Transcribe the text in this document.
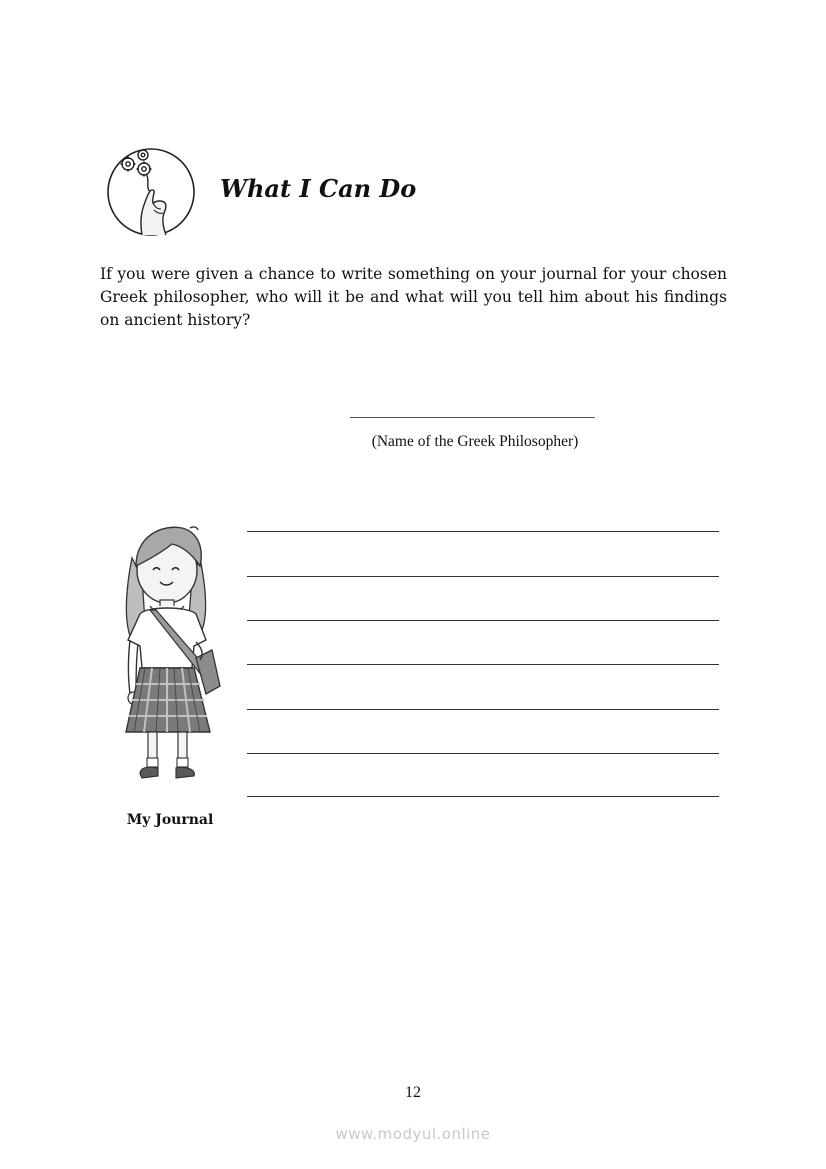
What I Can Do

If you were given a chance to write something on your journal for your chosen Greek philosopher, who will it be and what will you tell him about his findings on ancient history?

(Name of the Greek Philosopher)
My Journal
12
www.modyul.online
